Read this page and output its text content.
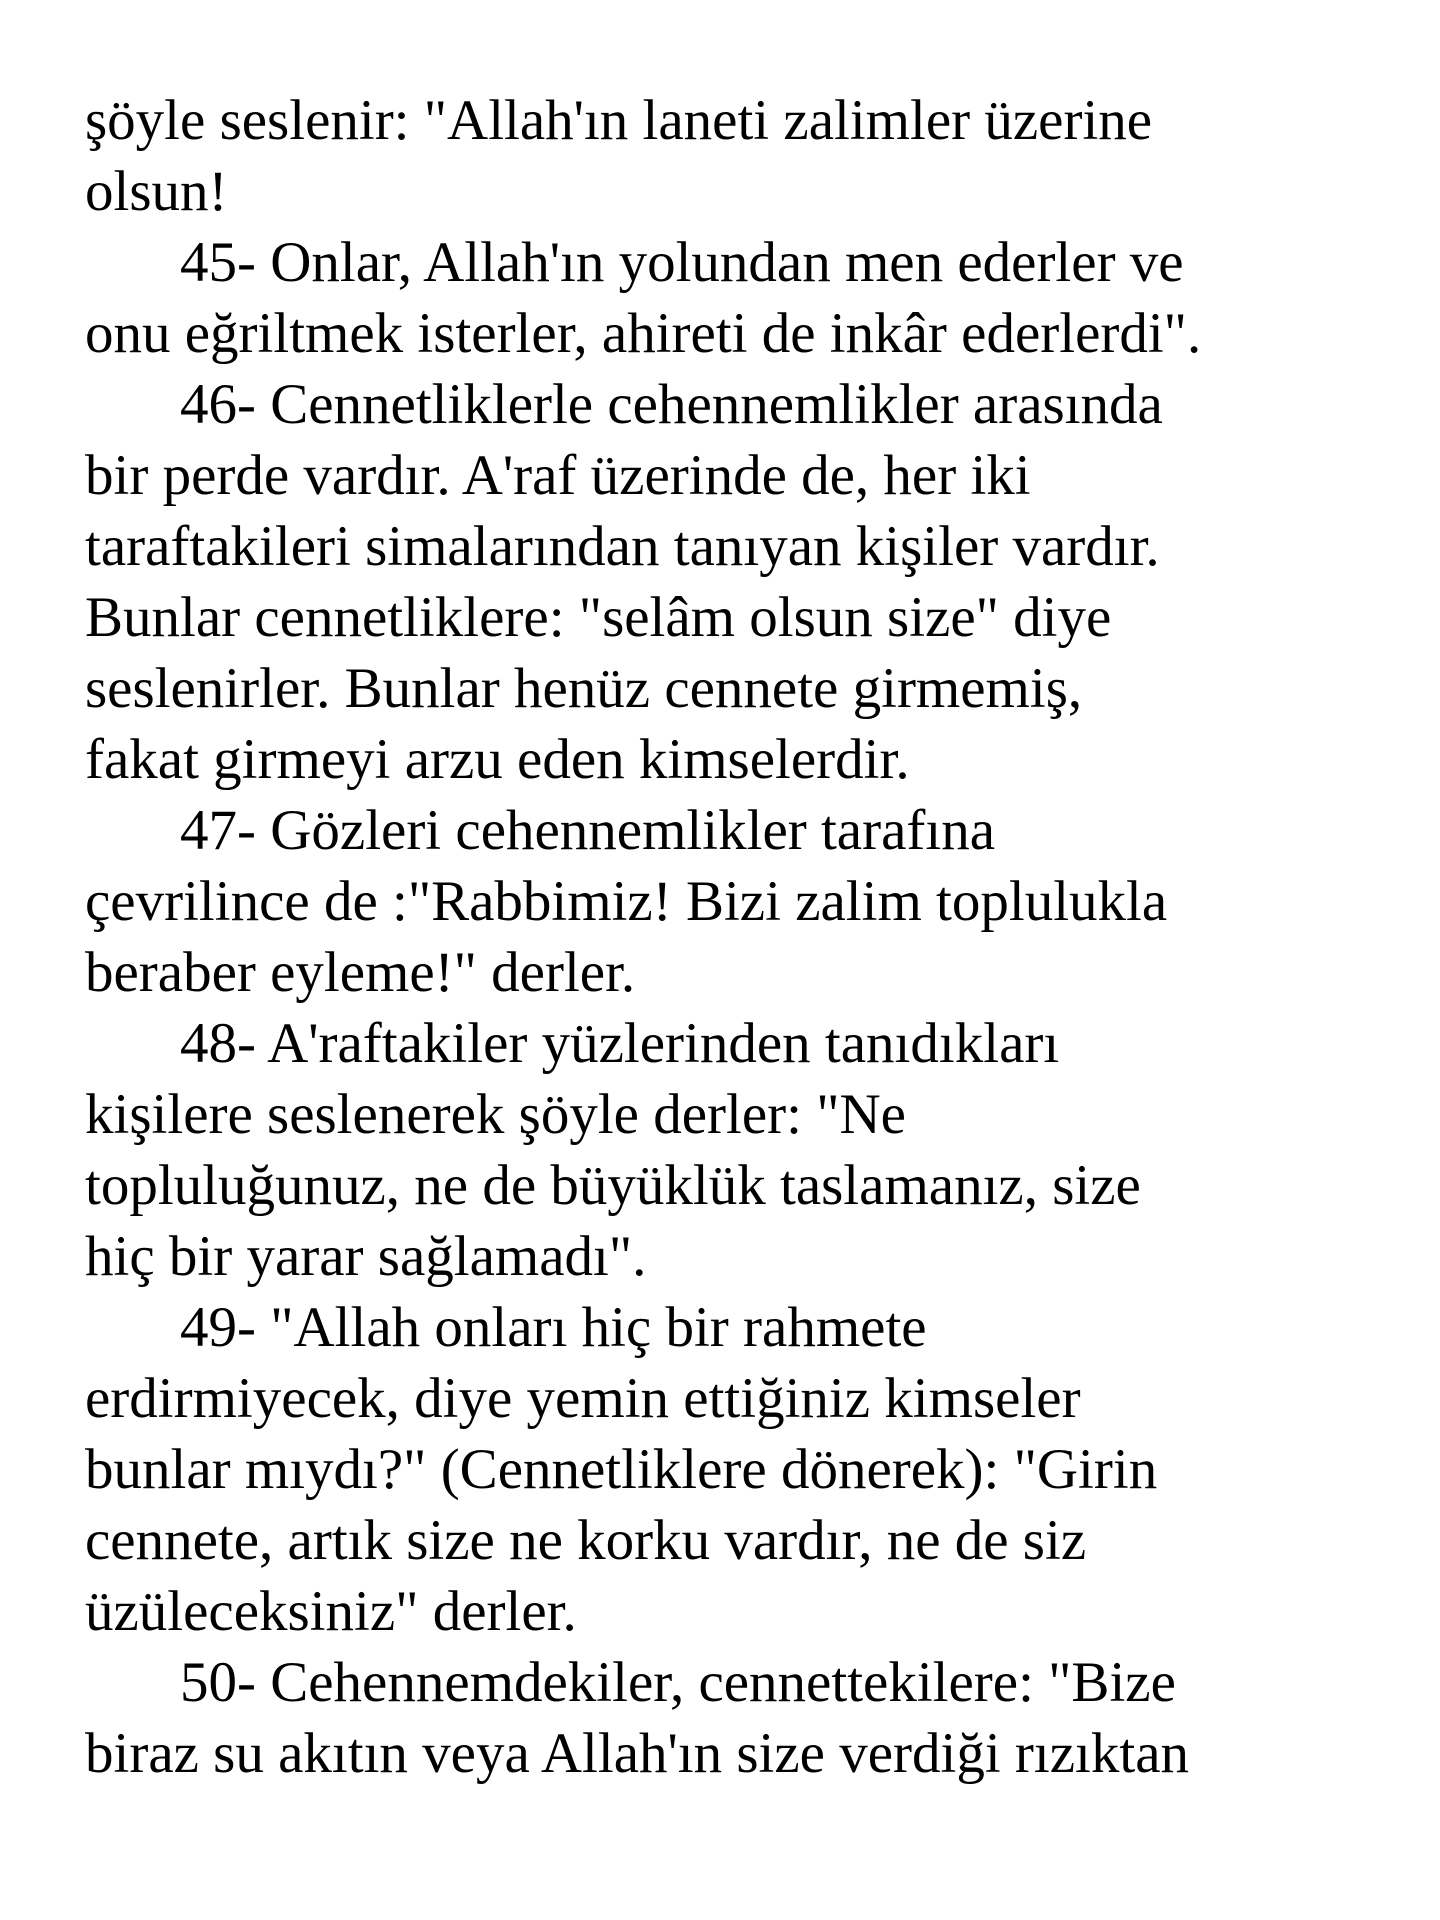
şöyle seslenir: "Allah'ın laneti zalimler üzerine
olsun!
45- Onlar, Allah'ın yolundan men ederler ve
onu eğriltmek isterler, ahireti de inkâr ederlerdi".
46- Cennetliklerle cehennemlikler arasında
bir perde vardır. A'raf üzerinde de, her iki
taraftakileri simalarından tanıyan kişiler vardır.
Bunlar cennetliklere: "selâm olsun size" diye
seslenirler. Bunlar henüz cennete girmemiş,
fakat girmeyi arzu eden kimselerdir.
47- Gözleri cehennemlikler tarafına
çevrilince de :"Rabbimiz! Bizi zalim toplulukla
beraber eyleme!" derler.
48- A'raftakiler yüzlerinden tanıdıkları
kişilere seslenerek şöyle derler: "Ne
topluluğunuz, ne de büyüklük taslamanız, size
hiç bir yarar sağlamadı".
49- "Allah onları hiç bir rahmete
erdirmiyecek, diye yemin ettiğiniz kimseler
bunlar mıydı?" (Cennetliklere dönerek): "Girin
cennete, artık size ne korku vardır, ne de siz
üzüleceksiniz" derler.
50- Cehennemdekiler, cennettekilere: "Bize
biraz su akıtın veya Allah'ın size verdiği rızıktan
